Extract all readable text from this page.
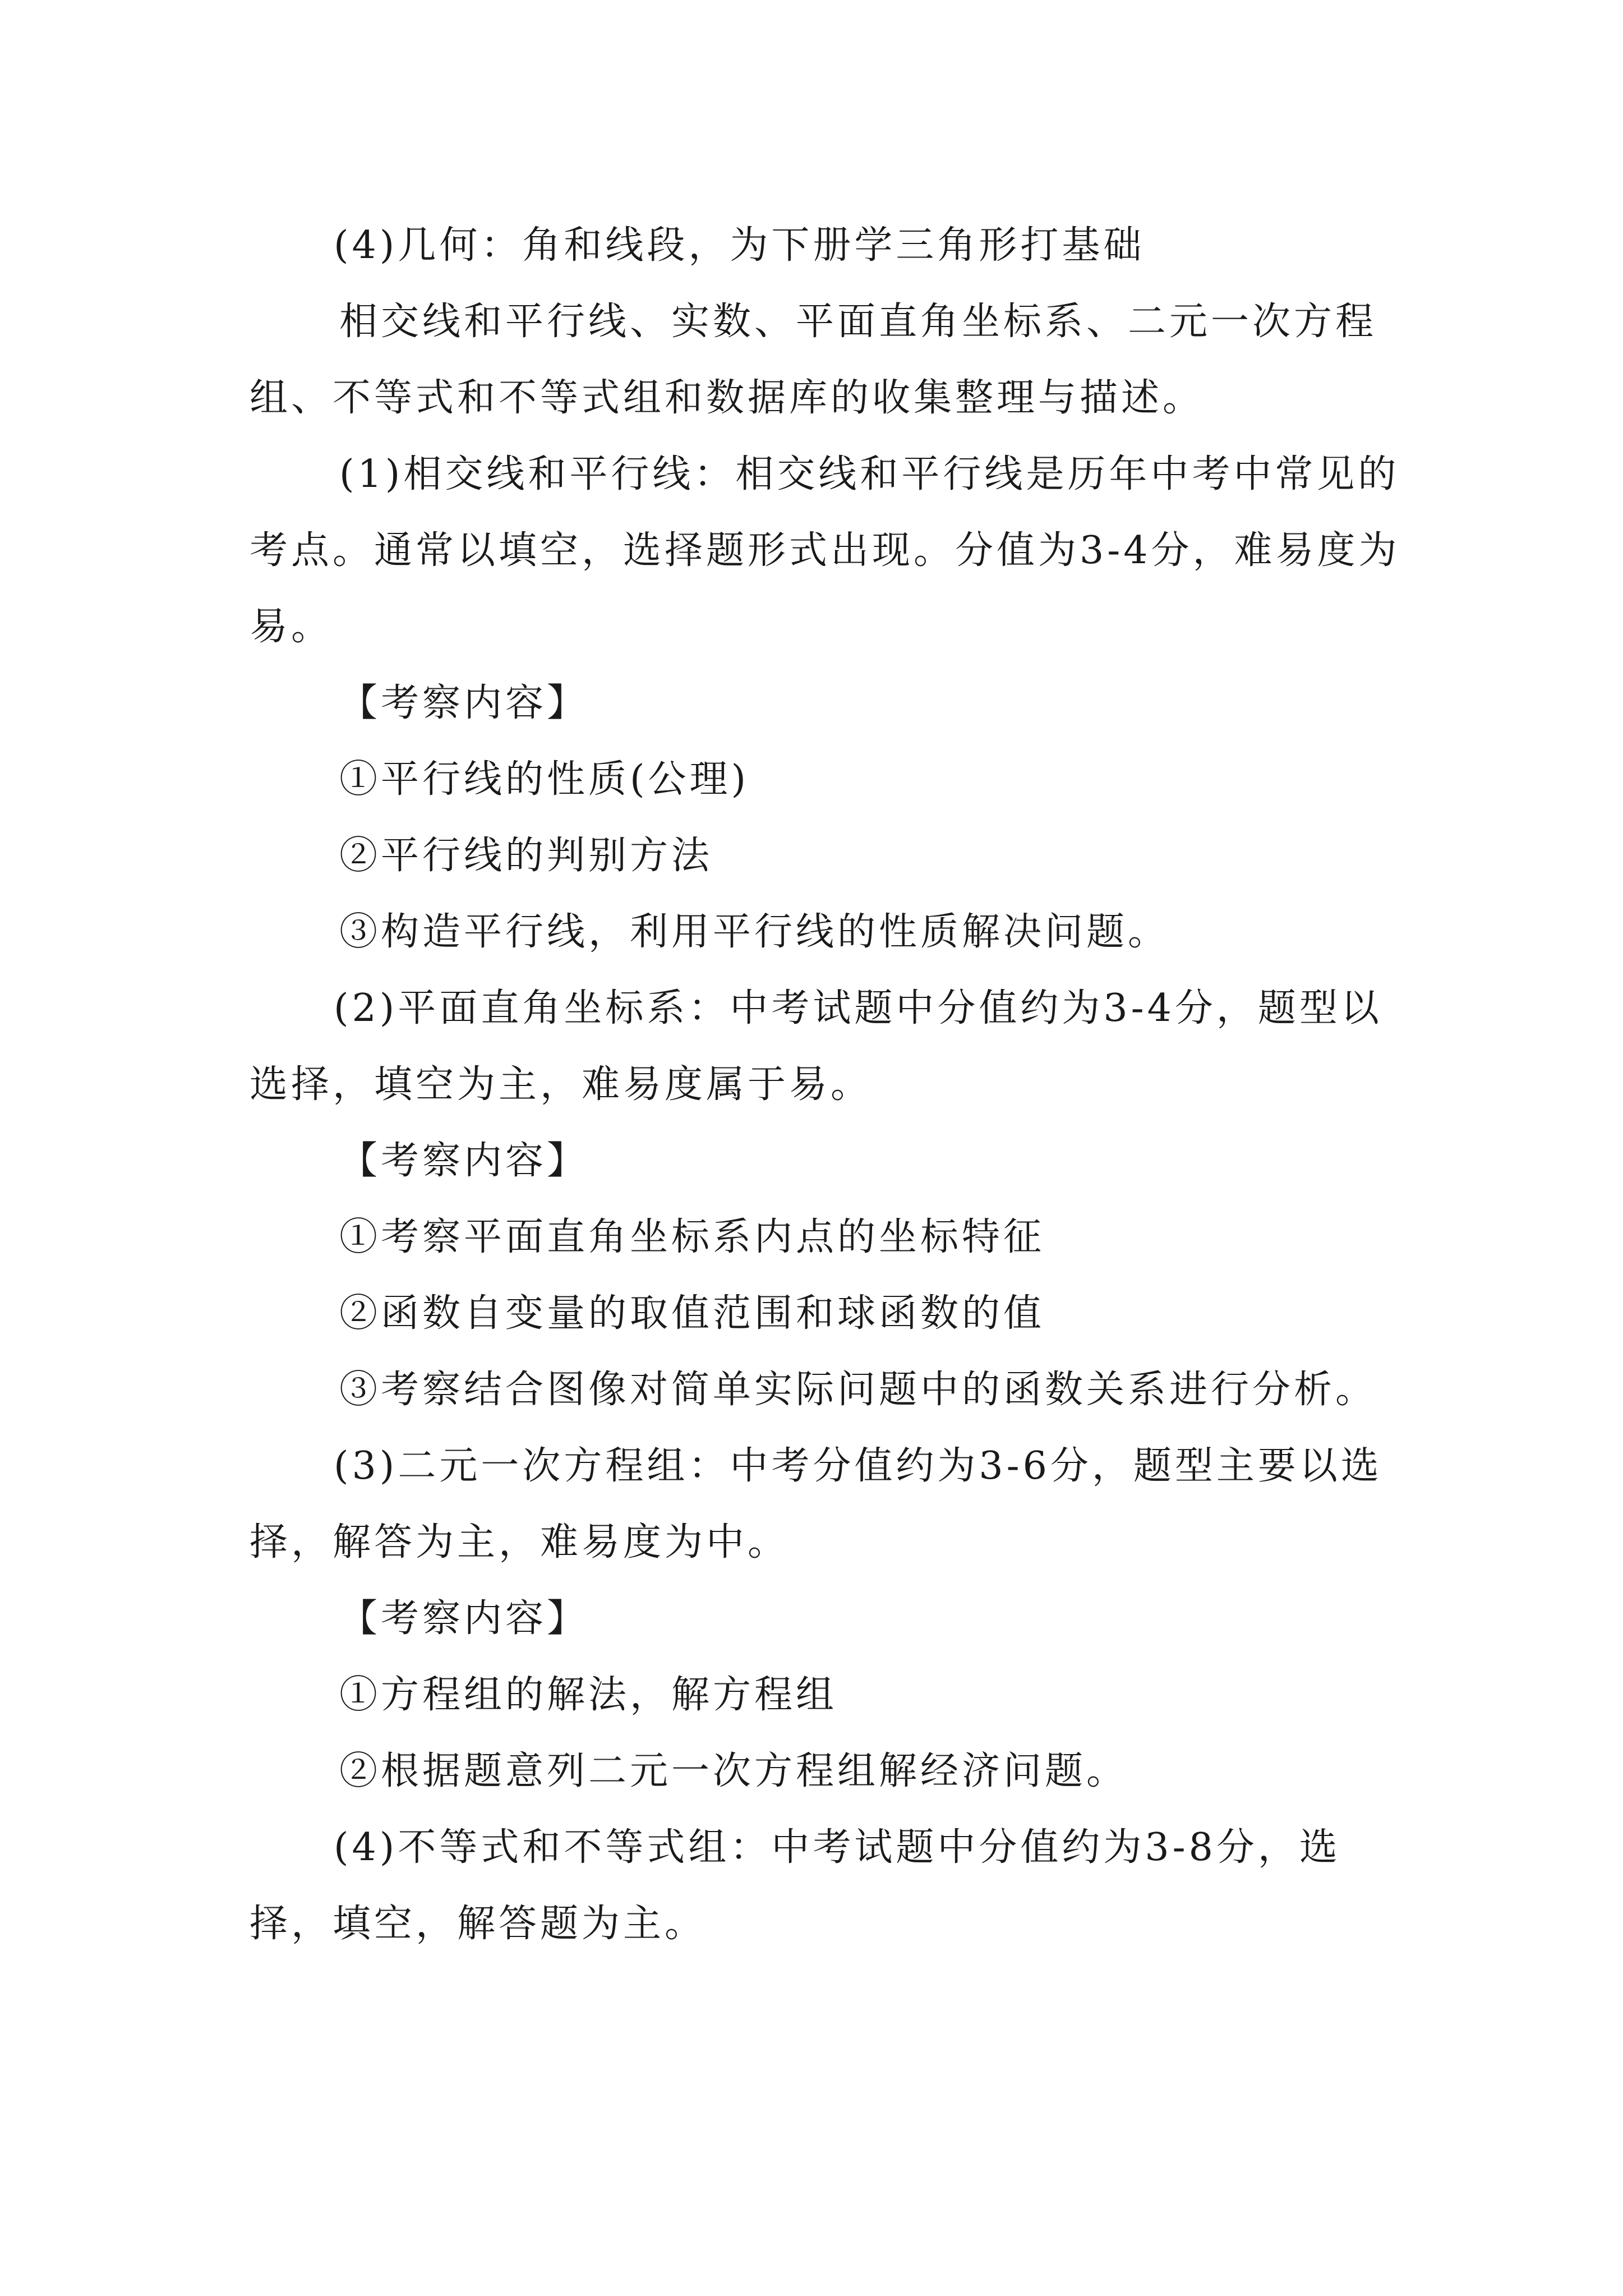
(4)几何：角和线段，为下册学三角形打基础

相交线和平行线、实数、平面直角坐标系、二元一次方程组、不等式和不等式组和数据库的收集整理与描述。

(1)相交线和平行线：相交线和平行线是历年中考中常见的考点。通常以填空，选择题形式出现。分值为3-4分，难易度为易。

【考察内容】

①平行线的性质(公理)

②平行线的判别方法

③构造平行线，利用平行线的性质解决问题。

(2)平面直角坐标系：中考试题中分值约为3-4分，题型以选择，填空为主，难易度属于易。

【考察内容】

①考察平面直角坐标系内点的坐标特征

②函数自变量的取值范围和球函数的值

③考察结合图像对简单实际问题中的函数关系进行分析。

(3)二元一次方程组：中考分值约为3-6分，题型主要以选择，解答为主，难易度为中。

【考察内容】

①方程组的解法，解方程组

②根据题意列二元一次方程组解经济问题。

(4)不等式和不等式组：中考试题中分值约为3-8分，选择，填空，解答题为主。
